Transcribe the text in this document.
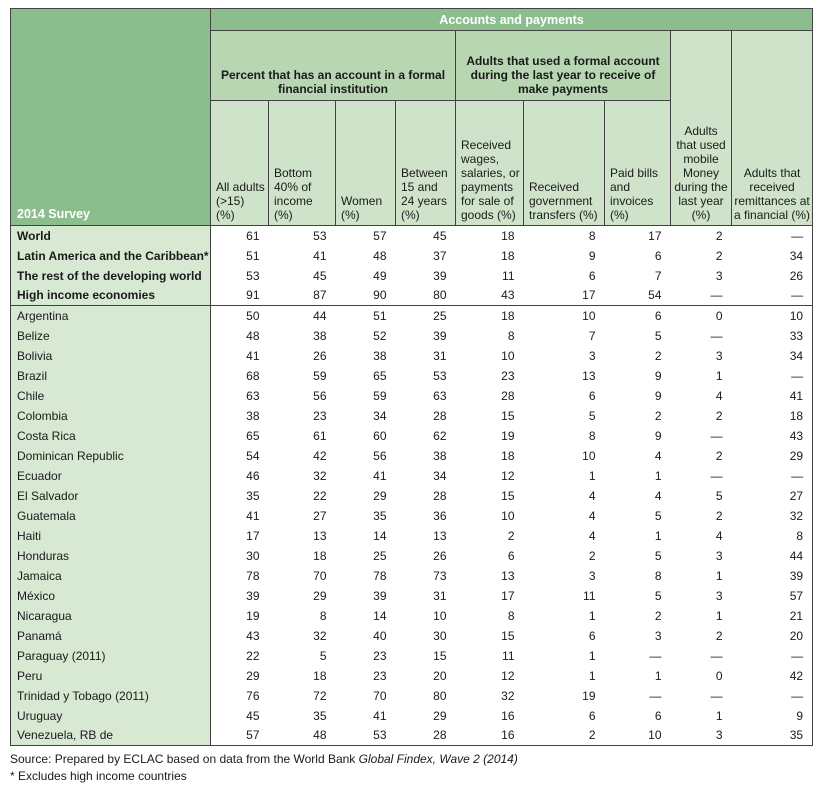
2014 Survey	Accounts and payments								
	Percent that has an account in a formal financial institution				Adults that used a formal account during the last year to receive of make payments			Adults that used mobile Money during the last year (%)	Adults that received remittances at a financial (%)
	All adults (>15) (%)	Bottom 40% of income (%)	Women (%)	Between 15 and 24 years (%)	Received wages, salaries, or payments for sale of goods (%)	Received government transfers (%)	Paid bills and invoices (%)		
World	61	53	57	45	18	8	17	2	—
Latin America and the Caribbean*	51	41	48	37	18	9	6	2	34
The rest of the developing world	53	45	49	39	11	6	7	3	26
High income economies	91	87	90	80	43	17	54	—	—
Argentina	50	44	51	25	18	10	6	0	10
Belize	48	38	52	39	8	7	5	—	33
Bolivia	41	26	38	31	10	3	2	3	34
Brazil	68	59	65	53	23	13	9	1	—
Chile	63	56	59	63	28	6	9	4	41
Colombia	38	23	34	28	15	5	2	2	18
Costa Rica	65	61	60	62	19	8	9	—	43
Dominican Republic	54	42	56	38	18	10	4	2	29
Ecuador	46	32	41	34	12	1	1	—	—
El Salvador	35	22	29	28	15	4	4	5	27
Guatemala	41	27	35	36	10	4	5	2	32
Haiti	17	13	14	13	2	4	1	4	8
Honduras	30	18	25	26	6	2	5	3	44
Jamaica	78	70	78	73	13	3	8	1	39
México	39	29	39	31	17	11	5	3	57
Nicaragua	19	8	14	10	8	1	2	1	21
Panamá	43	32	40	30	15	6	3	2	20
Paraguay (2011)	22	5	23	15	11	1	—	—	—
Peru	29	18	23	20	12	1	1	0	42
Trinidad y Tobago (2011)	76	72	70	80	32	19	—	—	—
Uruguay	45	35	41	29	16	6	6	1	9
Venezuela, RB de	57	48	53	28	16	2	10	3	35
Source: Prepared by ECLAC based on data from the World Bank Global Findex, Wave 2 (2014)
* Excludes high income countries
